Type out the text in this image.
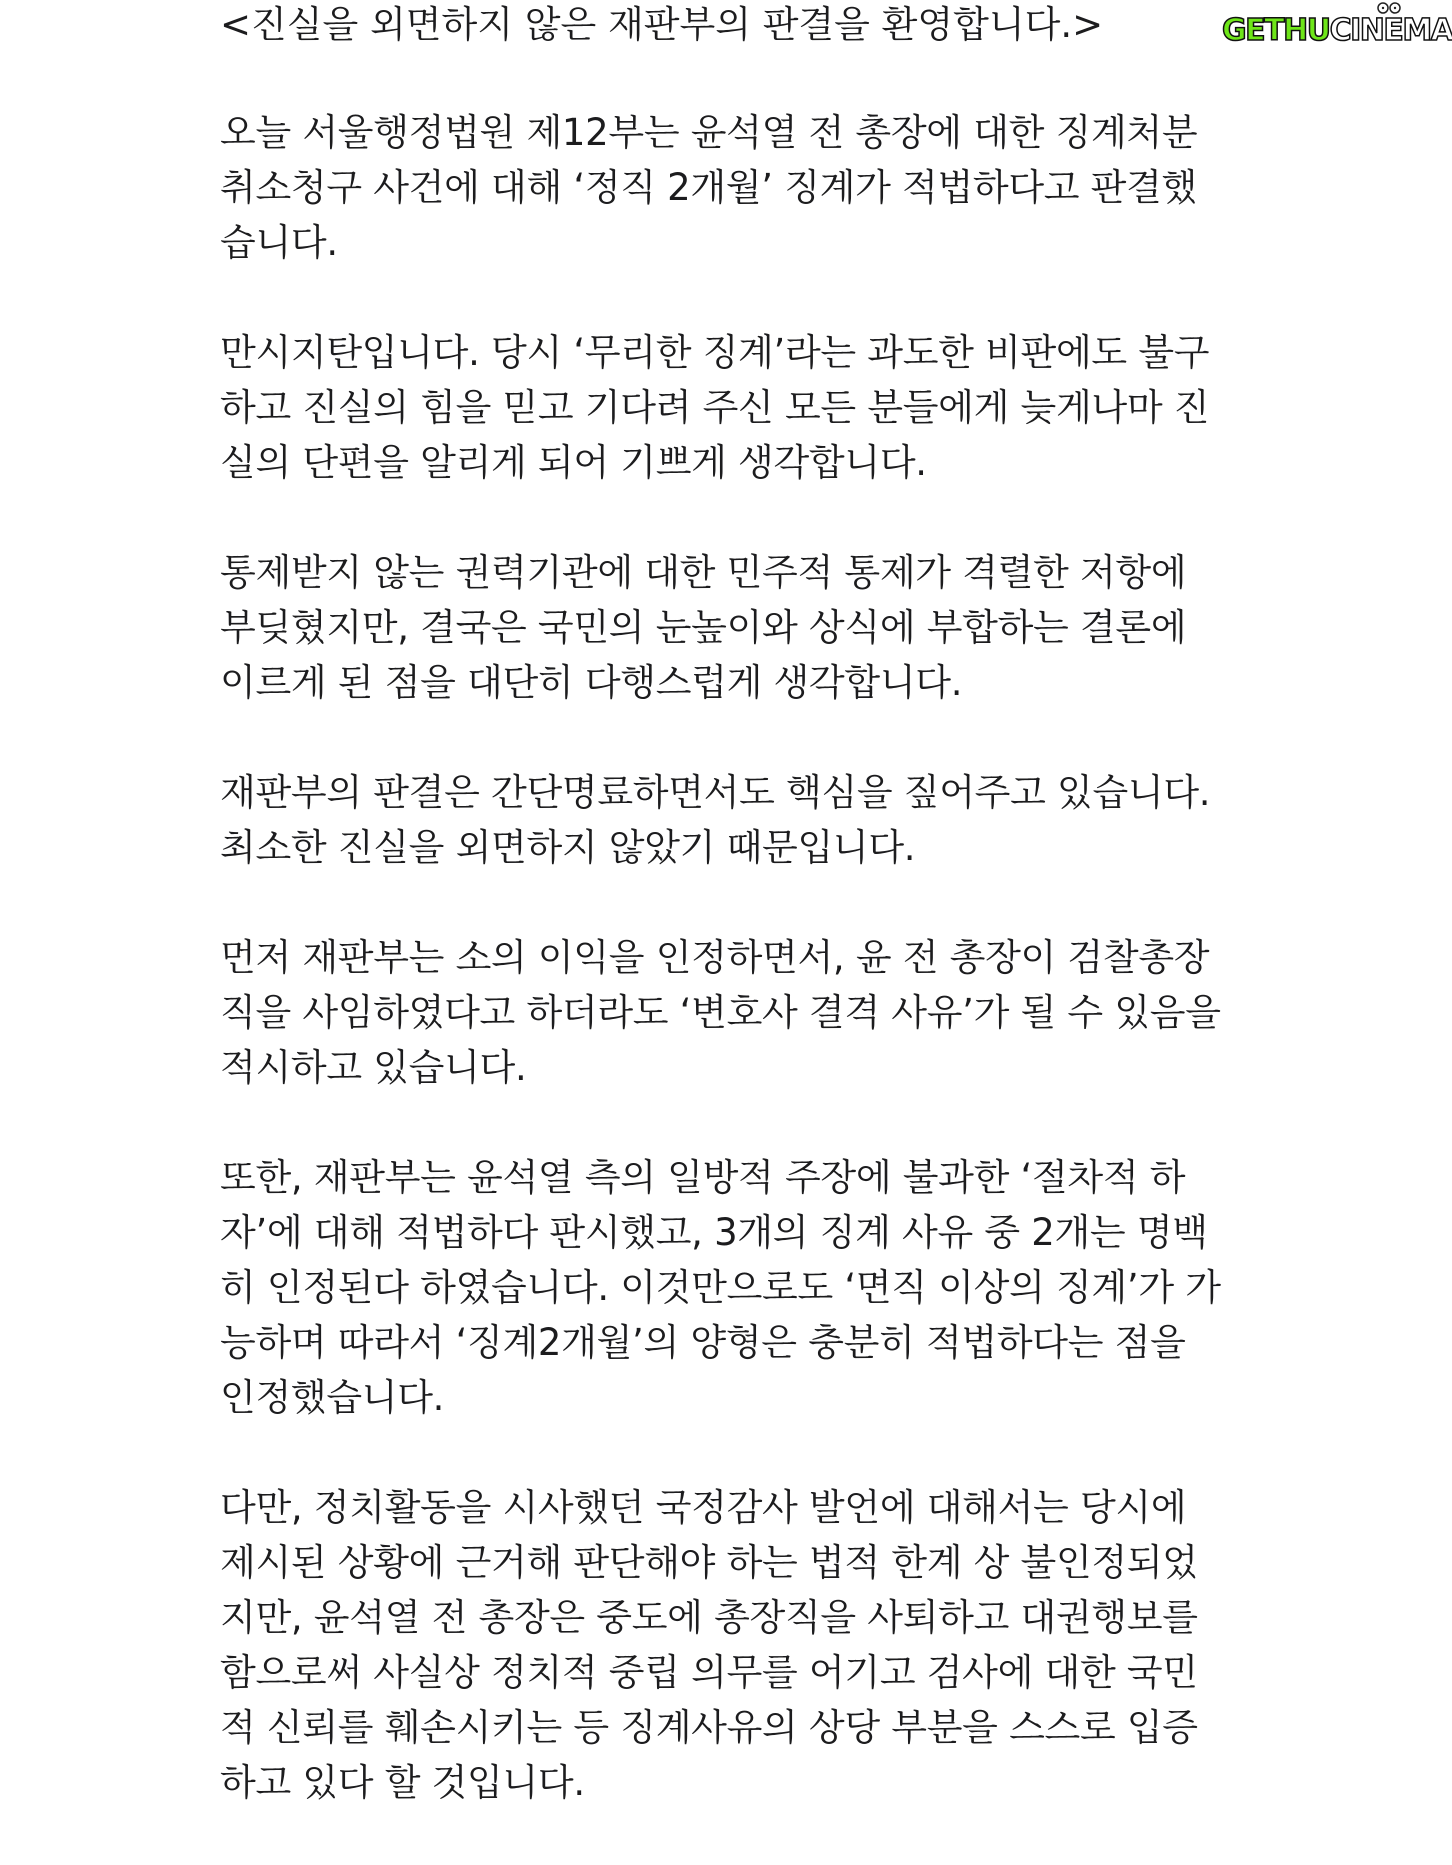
GETHU CINEMA
<진실을 외면하지 않은 재판부의 판결을 환영합니다.>
오늘 서울행정법원 제12부는 윤석열 전 총장에 대한 징계처분
취소청구 사건에 대해 ‘정직 2개월’ 징계가 적법하다고 판결했
습니다.
만시지탄입니다. 당시 ‘무리한 징계’라는 과도한 비판에도 불구
하고 진실의 힘을 믿고 기다려 주신 모든 분들에게 늦게나마 진
실의 단편을 알리게 되어 기쁘게 생각합니다.
통제받지 않는 권력기관에 대한 민주적 통제가 격렬한 저항에
부딪혔지만, 결국은 국민의 눈높이와 상식에 부합하는 결론에
이르게 된 점을 대단히 다행스럽게 생각합니다.
재판부의 판결은 간단명료하면서도 핵심을 짚어주고 있습니다.
최소한 진실을 외면하지 않았기 때문입니다.
먼저 재판부는 소의 이익을 인정하면서, 윤 전 총장이 검찰총장
직을 사임하였다고 하더라도 ‘변호사 결격 사유’가 될 수 있음을
적시하고 있습니다.
또한, 재판부는 윤석열 측의 일방적 주장에 불과한 ‘절차적 하
자’에 대해 적법하다 판시했고, 3개의 징계 사유 중 2개는 명백
히 인정된다 하였습니다. 이것만으로도 ‘면직 이상의 징계’가 가
능하며 따라서 ‘징계2개월’의 양형은 충분히 적법하다는 점을
인정했습니다.
다만, 정치활동을 시사했던 국정감사 발언에 대해서는 당시에
제시된 상황에 근거해 판단해야 하는 법적 한계 상 불인정되었
지만, 윤석열 전 총장은 중도에 총장직을 사퇴하고 대권행보를
함으로써 사실상 정치적 중립 의무를 어기고 검사에 대한 국민
적 신뢰를 훼손시키는 등 징계사유의 상당 부분을 스스로 입증
하고 있다 할 것입니다.
